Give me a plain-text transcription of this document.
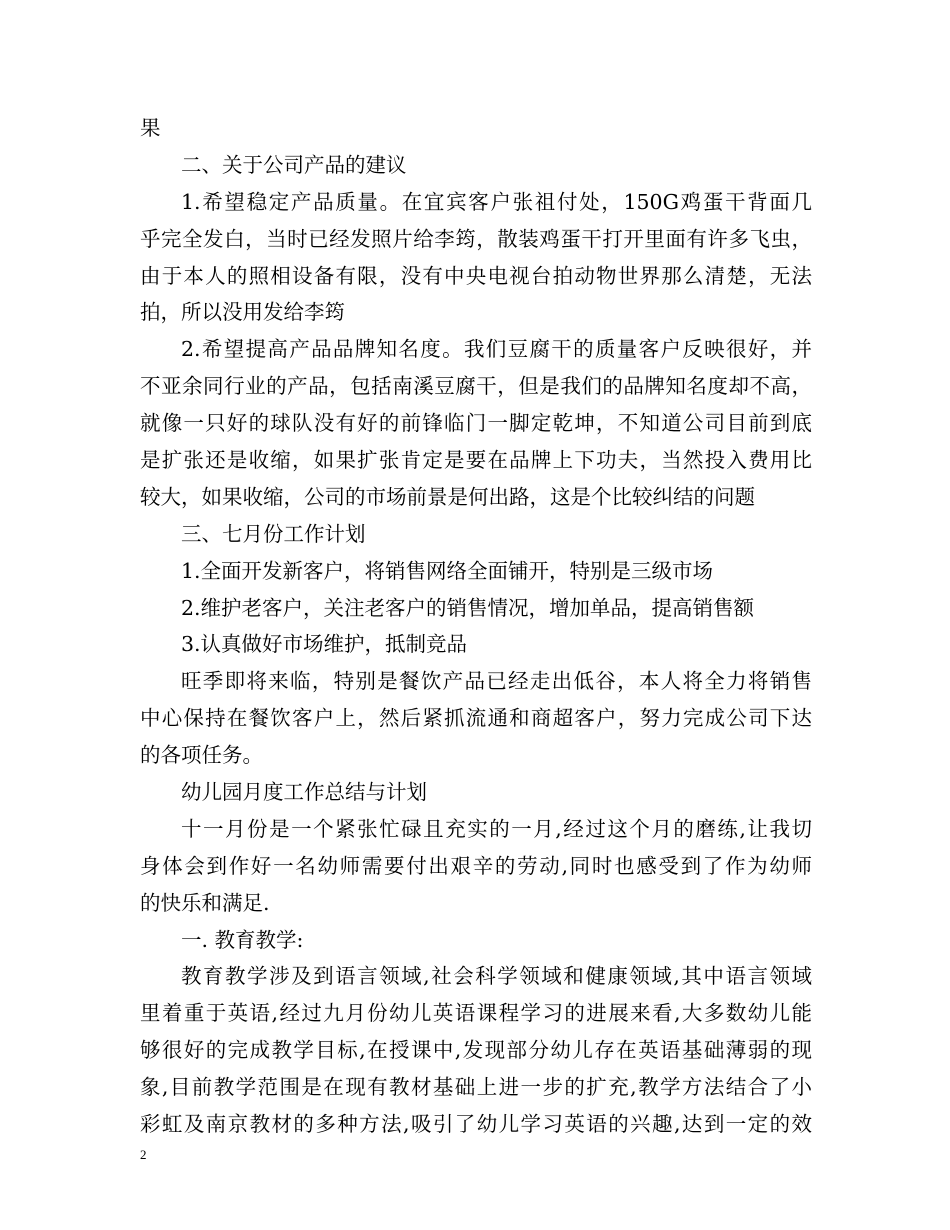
果
二、关于公司产品的建议
1.希望稳定产品质量。在宜宾客户张祖付处，150G鸡蛋干背面几
乎完全发白，当时已经发照片给李筠，散装鸡蛋干打开里面有许多飞虫，
由于本人的照相设备有限，没有中央电视台拍动物世界那么清楚，无法
拍，所以没用发给李筠
2.希望提高产品品牌知名度。我们豆腐干的质量客户反映很好，并
不亚余同行业的产品，包括南溪豆腐干，但是我们的品牌知名度却不高，
就像一只好的球队没有好的前锋临门一脚定乾坤，不知道公司目前到底
是扩张还是收缩，如果扩张肯定是要在品牌上下功夫，当然投入费用比
较大，如果收缩，公司的市场前景是何出路，这是个比较纠结的问题
三、七月份工作计划
1.全面开发新客户，将销售网络全面铺开，特别是三级市场
2.维护老客户，关注老客户的销售情况，增加单品，提高销售额
3.认真做好市场维护，抵制竞品
旺季即将来临，特别是餐饮产品已经走出低谷，本人将全力将销售
中心保持在餐饮客户上，然后紧抓流通和商超客户，努力完成公司下达
的各项任务。
幼儿园月度工作总结与计划
十一月份是一个紧张忙碌且充实的一月,经过这个月的磨练,让我切
身体会到作好一名幼师需要付出艰辛的劳动,同时也感受到了作为幼师
的快乐和满足.
一. 教育教学:
教育教学涉及到语言领域,社会科学领域和健康领域,其中语言领域
里着重于英语,经过九月份幼儿英语课程学习的进展来看,大多数幼儿能
够很好的完成教学目标,在授课中,发现部分幼儿存在英语基础薄弱的现
象,目前教学范围是在现有教材基础上进一步的扩充,教学方法结合了小
彩虹及南京教材的多种方法,吸引了幼儿学习英语的兴趣,达到一定的效
2
